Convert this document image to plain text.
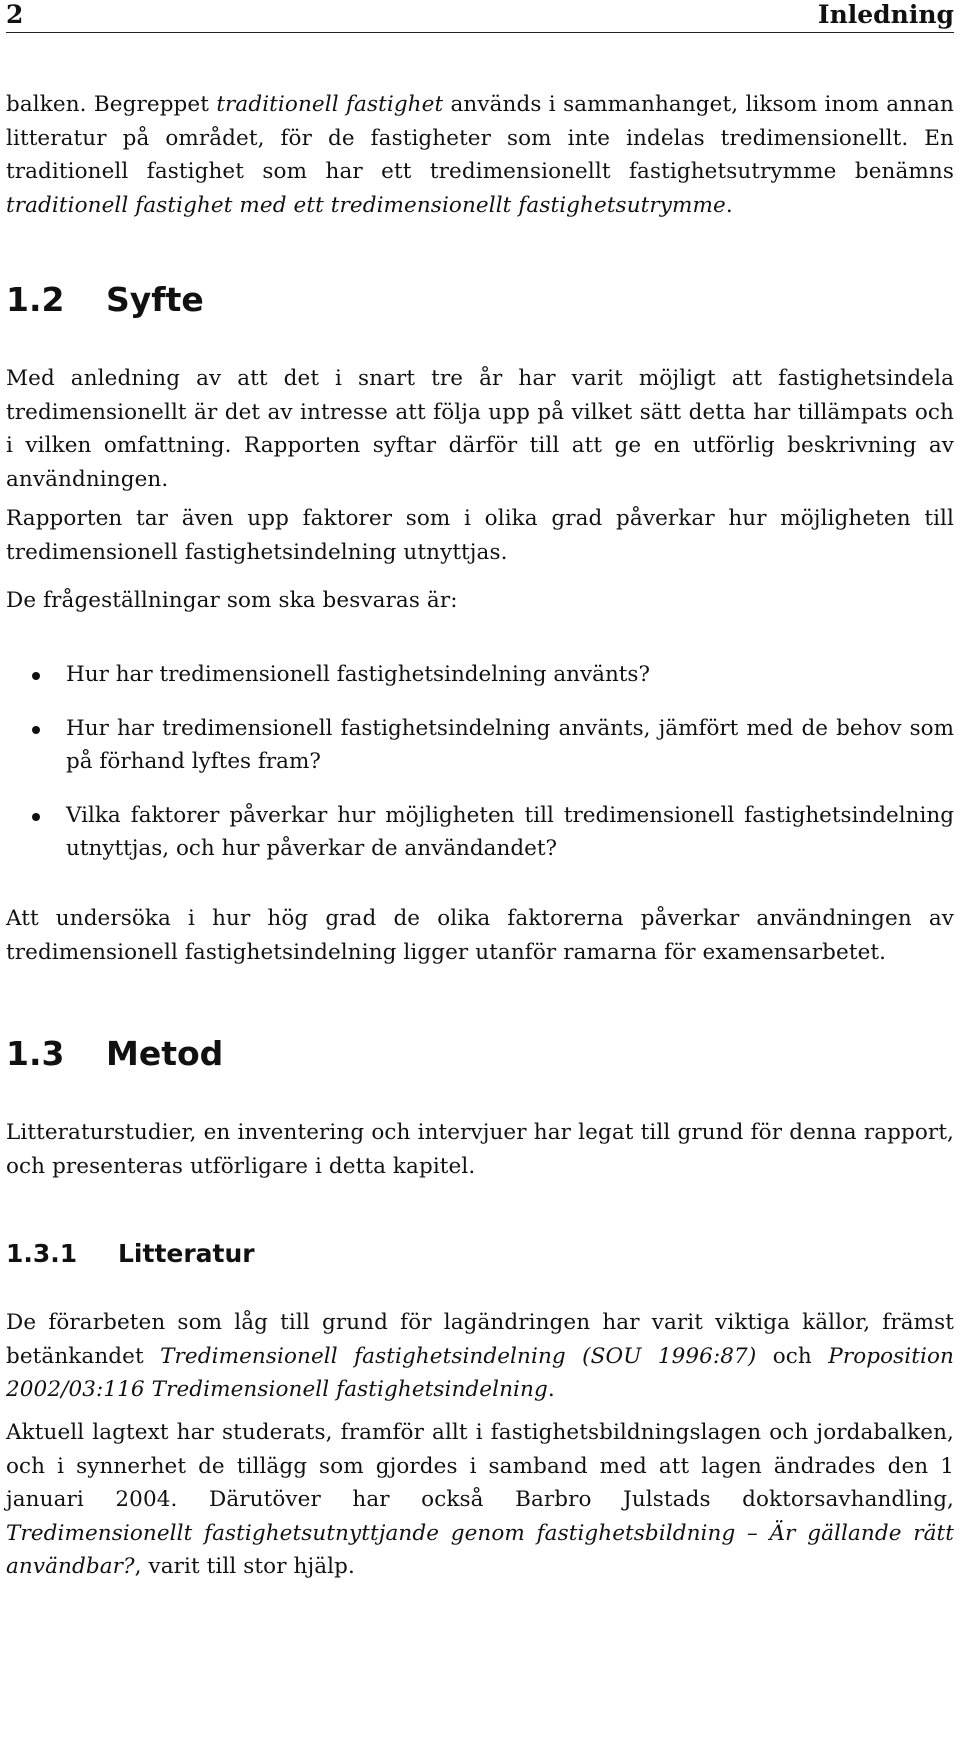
2	Inledning

balken. Begreppet traditionell fastighet används i sammanhanget, liksom inom annan litteratur på området, för de fastigheter som inte indelas tredimensionellt. En traditionell fastighet som har ett tredimensionellt fastighetsutrymme benämns traditionell fastighet med ett tredimensionellt fastighetsutrymme.

1.2	Syfte

Med anledning av att det i snart tre år har varit möjligt att fastighetsindela tredimensionellt är det av intresse att följa upp på vilket sätt detta har tillämpats och i vilken omfattning. Rapporten syftar därför till att ge en utförlig beskrivning av användningen.

Rapporten tar även upp faktorer som i olika grad påverkar hur möjligheten till tredimensionell fastighetsindelning utnyttjas.

De frågeställningar som ska besvaras är:

Hur har tredimensionell fastighetsindelning använts?
Hur har tredimensionell fastighetsindelning använts, jämfört med de behov som på förhand lyftes fram?
Vilka faktorer påverkar hur möjligheten till tredimensionell fastighetsindelning utnyttjas, och hur påverkar de användandet?

Att undersöka i hur hög grad de olika faktorerna påverkar användningen av tredimensionell fastighetsindelning ligger utanför ramarna för examensarbetet.

1.3	Metod

Litteraturstudier, en inventering och intervjuer har legat till grund för denna rapport, och presenteras utförligare i detta kapitel.

1.3.1	Litteratur

De förarbeten som låg till grund för lagändringen har varit viktiga källor, främst betänkandet Tredimensionell fastighetsindelning (SOU 1996:87) och Proposition 2002/03:116 Tredimensionell fastighetsindelning.

Aktuell lagtext har studerats, framför allt i fastighetsbildningslagen och jordabalken, och i synnerhet de tillägg som gjordes i samband med att lagen ändrades den 1 januari 2004. Därutöver har också Barbro Julstads doktorsavhandling, Tredimensionellt fastighetsutnyttjande genom fastighetsbildning – Är gällande rätt användbar?, varit till stor hjälp.
